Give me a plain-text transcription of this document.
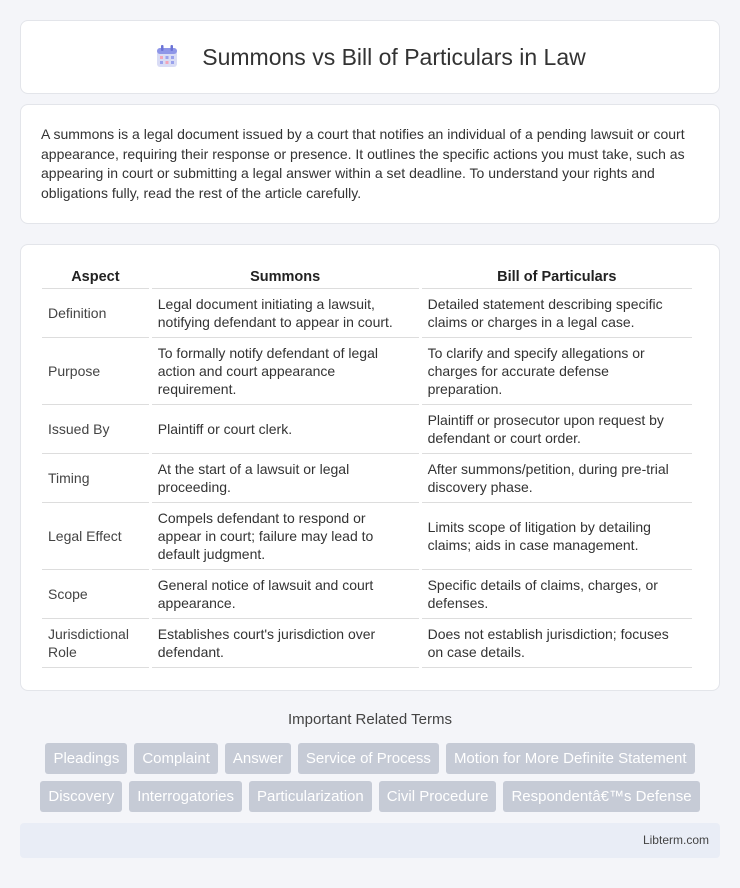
Summons vs Bill of Particulars in Law

A summons is a legal document issued by a court that notifies an individual of a pending lawsuit or court appearance, requiring their response or presence. It outlines the specific actions you must take, such as appearing in court or submitting a legal answer within a set deadline. To understand your rights and obligations fully, read the rest of the article carefully.

Aspect	Summons	Bill of Particulars
Definition	Legal document initiating a lawsuit, notifying defendant to appear in court.	Detailed statement describing specific claims or charges in a legal case.
Purpose	To formally notify defendant of legal action and court appearance requirement.	To clarify and specify allegations or charges for accurate defense preparation.
Issued By	Plaintiff or court clerk.	Plaintiff or prosecutor upon request by defendant or court order.
Timing	At the start of a lawsuit or legal proceeding.	After summons/petition, during pre-trial discovery phase.
Legal Effect	Compels defendant to respond or appear in court; failure may lead to default judgment.	Limits scope of litigation by detailing claims; aids in case management.
Scope	General notice of lawsuit and court appearance.	Specific details of claims, charges, or defenses.
Jurisdictional Role	Establishes court's jurisdiction over defendant.	Does not establish jurisdiction; focuses on case details.
Important Related Terms
Pleadings	Complaint	Answer	Service of Process	Motion for More Definite Statement
Discovery	Interrogatories	Particularization	Civil Procedure	Respondentâ€™s Defense
Libterm.com
